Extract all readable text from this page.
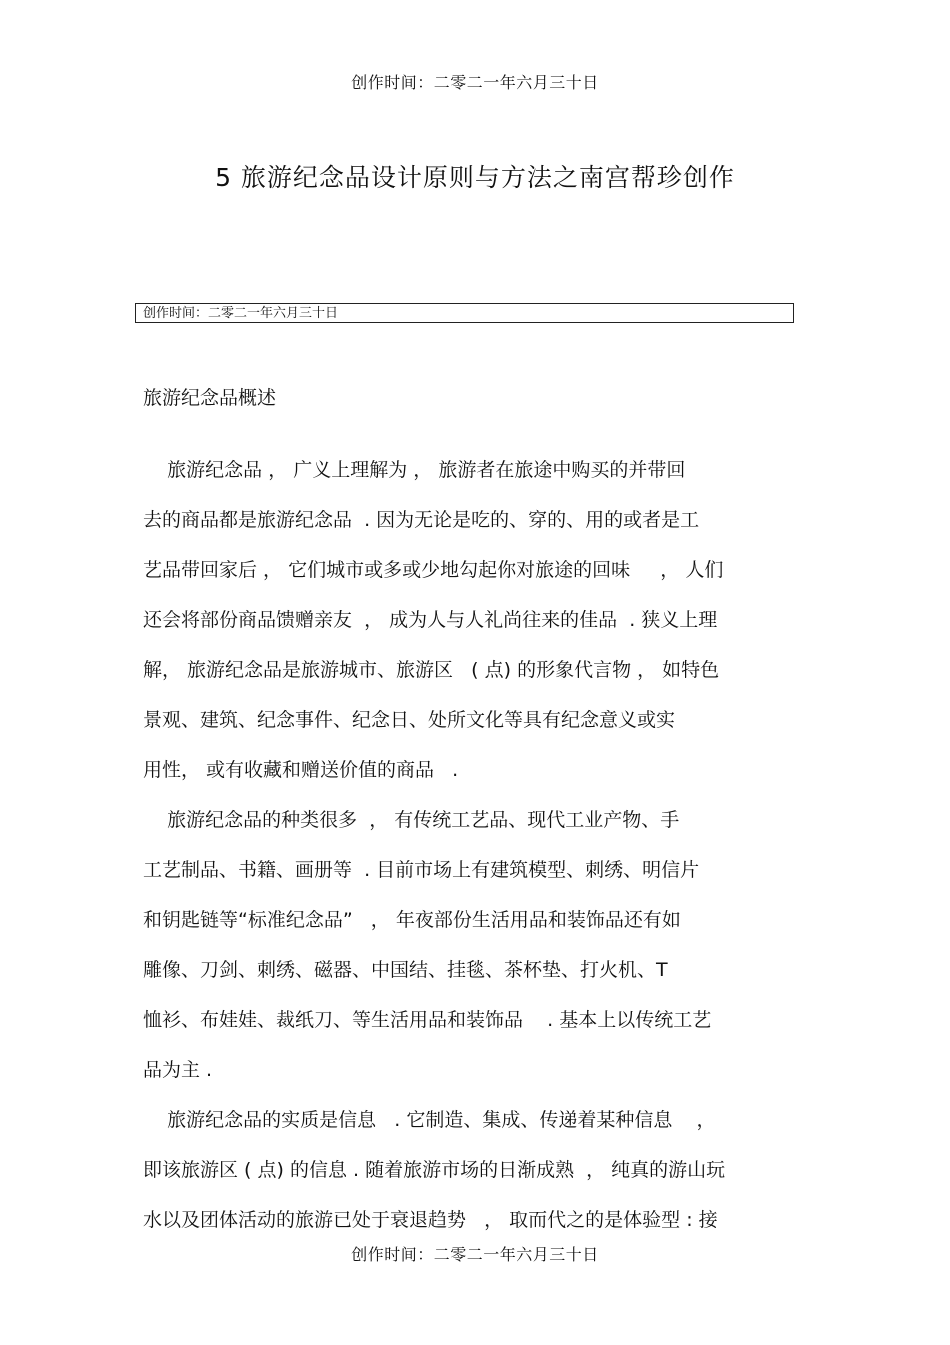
创作时间：二零二一年六月三十日
5 旅游纪念品设计原则与方法之南宫帮珍创作
创作时间：二零二一年六月三十日
旅游纪念品概述
旅游纪念品 ， 广义上理解为 ， 旅游者在旅途中购买的并带回
去的商品都是旅游纪念品  . 因为无论是吃的、穿的、用的或者是工
艺品带回家后 ， 它们城市或多或少地勾起你对旅途的回味     ， 人们
还会将部份商品馈赠亲友  ， 成为人与人礼尚往来的佳品  . 狭义上理
解， 旅游纪念品是旅游城市、旅游区   ( 点) 的形象代言物 ， 如特色
景观、建筑、纪念事件、纪念日、处所文化等具有纪念意义或实
用性， 或有收藏和赠送价值的商品   .
旅游纪念品的种类很多  ， 有传统工艺品、现代工业产物、手
工艺制品、书籍、画册等  . 目前市场上有建筑模型、刺绣、明信片
和钥匙链等“标准纪念品”   ， 年夜部份生活用品和装饰品还有如
雕像、刀剑、刺绣、磁器、中国结、挂毯、茶杯垫、打火机、T
恤衫、布娃娃、裁纸刀、等生活用品和装饰品    . 基本上以传统工艺
品为主 .
旅游纪念品的实质是信息   . 它制造、集成、传递着某种信息    ，
即该旅游区 ( 点) 的信息 . 随着旅游市场的日渐成熟  ， 纯真的游山玩
水以及团体活动的旅游已处于衰退趋势   ， 取而代之的是体验型 : 接
创作时间：二零二一年六月三十日
